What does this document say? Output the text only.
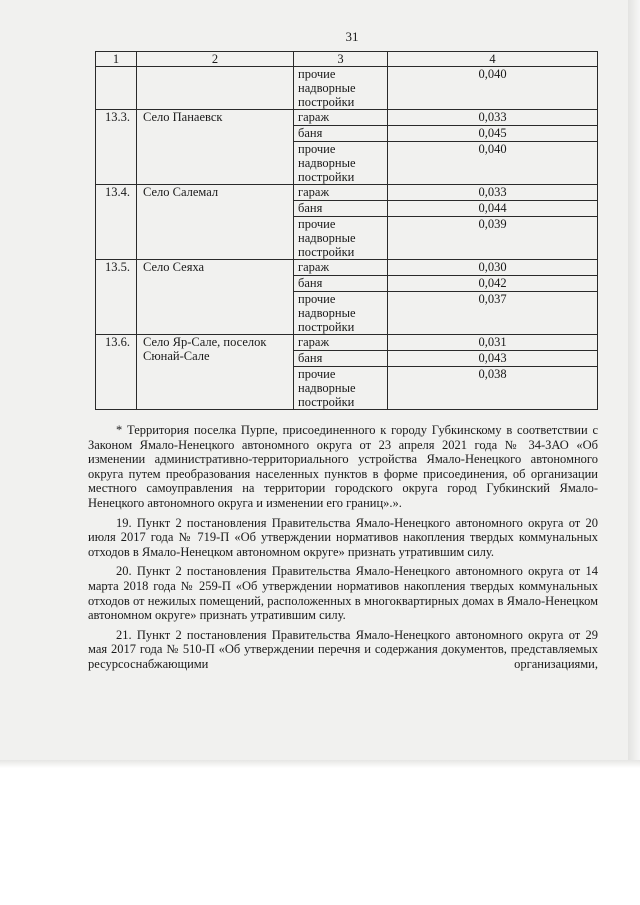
31
1	2	3	4
		прочие надворные постройки	0,040
13.3.	Село Панаевск	гараж	0,033
		баня	0,045
		прочие надворные постройки	0,040
13.4.	Село Салемал	гараж	0,033
		баня	0,044
		прочие надворные постройки	0,039
13.5.	Село Сеяха	гараж	0,030
		баня	0,042
		прочие надворные постройки	0,037
13.6.	Село Яр-Сале, поселок Сюнай-Сале	гараж	0,031
		баня	0,043
		прочие надворные постройки	0,038

* Территория поселка Пурпе, присоединенного к городу Губкинскому в соответствии с Законом Ямало-Ненецкого автономного округа от 23 апреля 2021 года № 34-ЗАО «Об изменении административно-территориального устройства Ямало-Ненецкого автономного округа путем преобразования населенных пунктов в форме присоединения, об организации местного самоуправления на территории городского округа город Губкинский Ямало-Ненецкого автономного округа и изменении его границ».».

19. Пункт 2 постановления Правительства Ямало-Ненецкого автономного округа от 20 июля 2017 года № 719-П «Об утверждении нормативов накопления твердых коммунальных отходов в Ямало-Ненецком автономном округе» признать утратившим силу.

20. Пункт 2 постановления Правительства Ямало-Ненецкого автономного округа от 14 марта 2018 года № 259-П «Об утверждении нормативов накопления твердых коммунальных отходов от нежилых помещений, расположенных в многоквартирных домах в Ямало-Ненецком автономном округе» признать утратившим силу.

21. Пункт 2 постановления Правительства Ямало-Ненецкого автономного округа от 29 мая 2017 года № 510-П «Об утверждении перечня и содержания документов, представляемых ресурсоснабжающими организациями,
